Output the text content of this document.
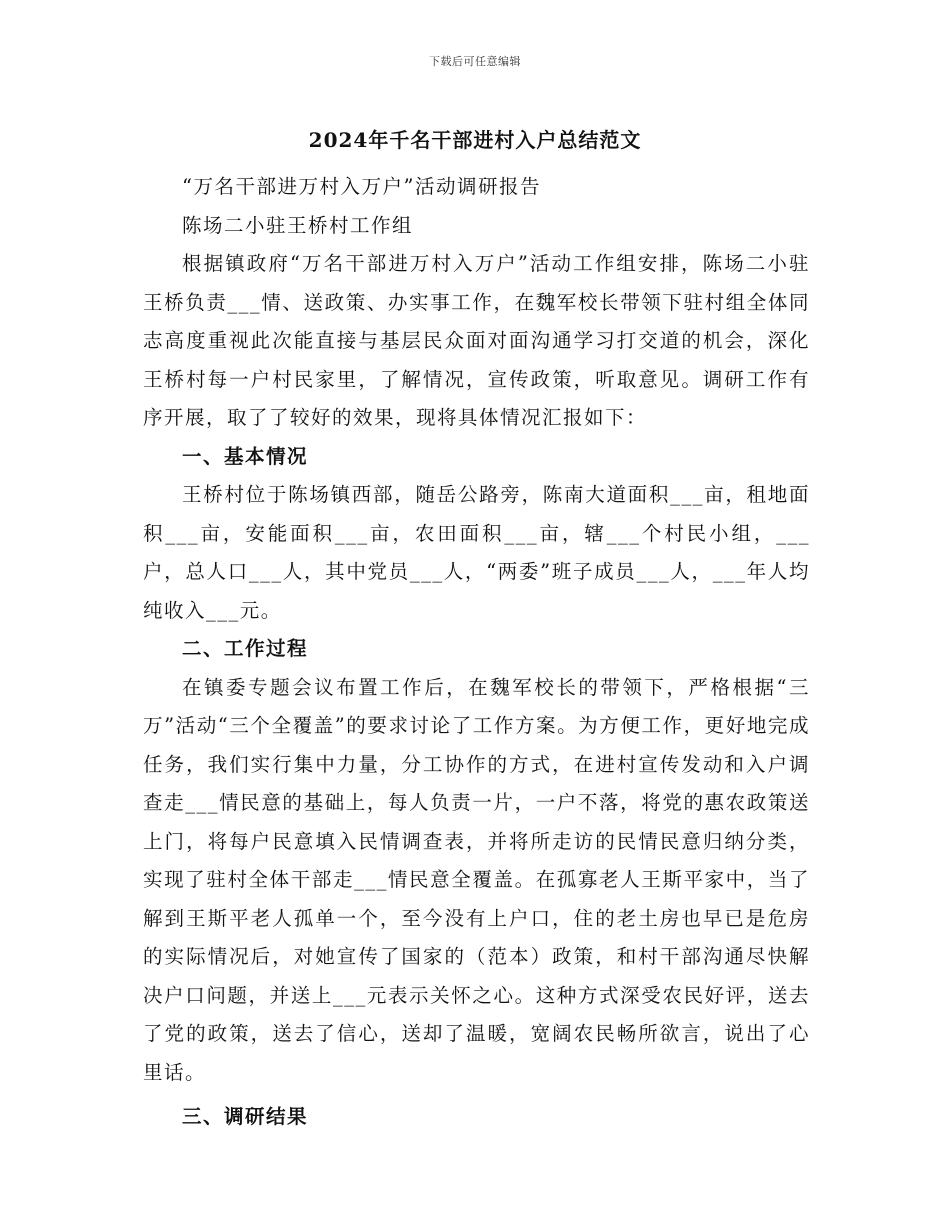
下载后可任意编辑
2024年千名干部进村入户总结范文

“万名干部进万村入万户”活动调研报告

陈场二小驻王桥村工作组

根据镇政府“万名干部进万村入万户”活动工作组安排，陈场二小驻王桥负责___情、送政策、办实事工作，在魏军校长带领下驻村组全体同志高度重视此次能直接与基层民众面对面沟通学习打交道的机会，深化王桥村每一户村民家里，了解情况，宣传政策，听取意见。调研工作有序开展，取了了较好的效果，现将具体情况汇报如下：

一、基本情况

王桥村位于陈场镇西部，随岳公路旁，陈南大道面积___亩，租地面积___亩，安能面积___亩，农田面积___亩，辖___个村民小组，___户，总人口___人，其中党员___人，“两委”班子成员___人，___年人均纯收入___元。

二、工作过程

在镇委专题会议布置工作后，在魏军校长的带领下，严格根据“三万”活动“三个全覆盖”的要求讨论了工作方案。为方便工作，更好地完成任务，我们实行集中力量，分工协作的方式，在进村宣传发动和入户调查走___情民意的基础上，每人负责一片，一户不落，将党的惠农政策送上门，将每户民意填入民情调查表，并将所走访的民情民意归纳分类，实现了驻村全体干部走___情民意全覆盖。在孤寡老人王斯平家中，当了解到王斯平老人孤单一个，至今没有上户口，住的老土房也早已是危房的实际情况后，对她宣传了国家的（范本）政策，和村干部沟通尽快解决户口问题，并送上___元表示关怀之心。这种方式深受农民好评，送去了党的政策，送去了信心，送却了温暖，宽阔农民畅所欲言，说出了心里话。

三、调研结果
